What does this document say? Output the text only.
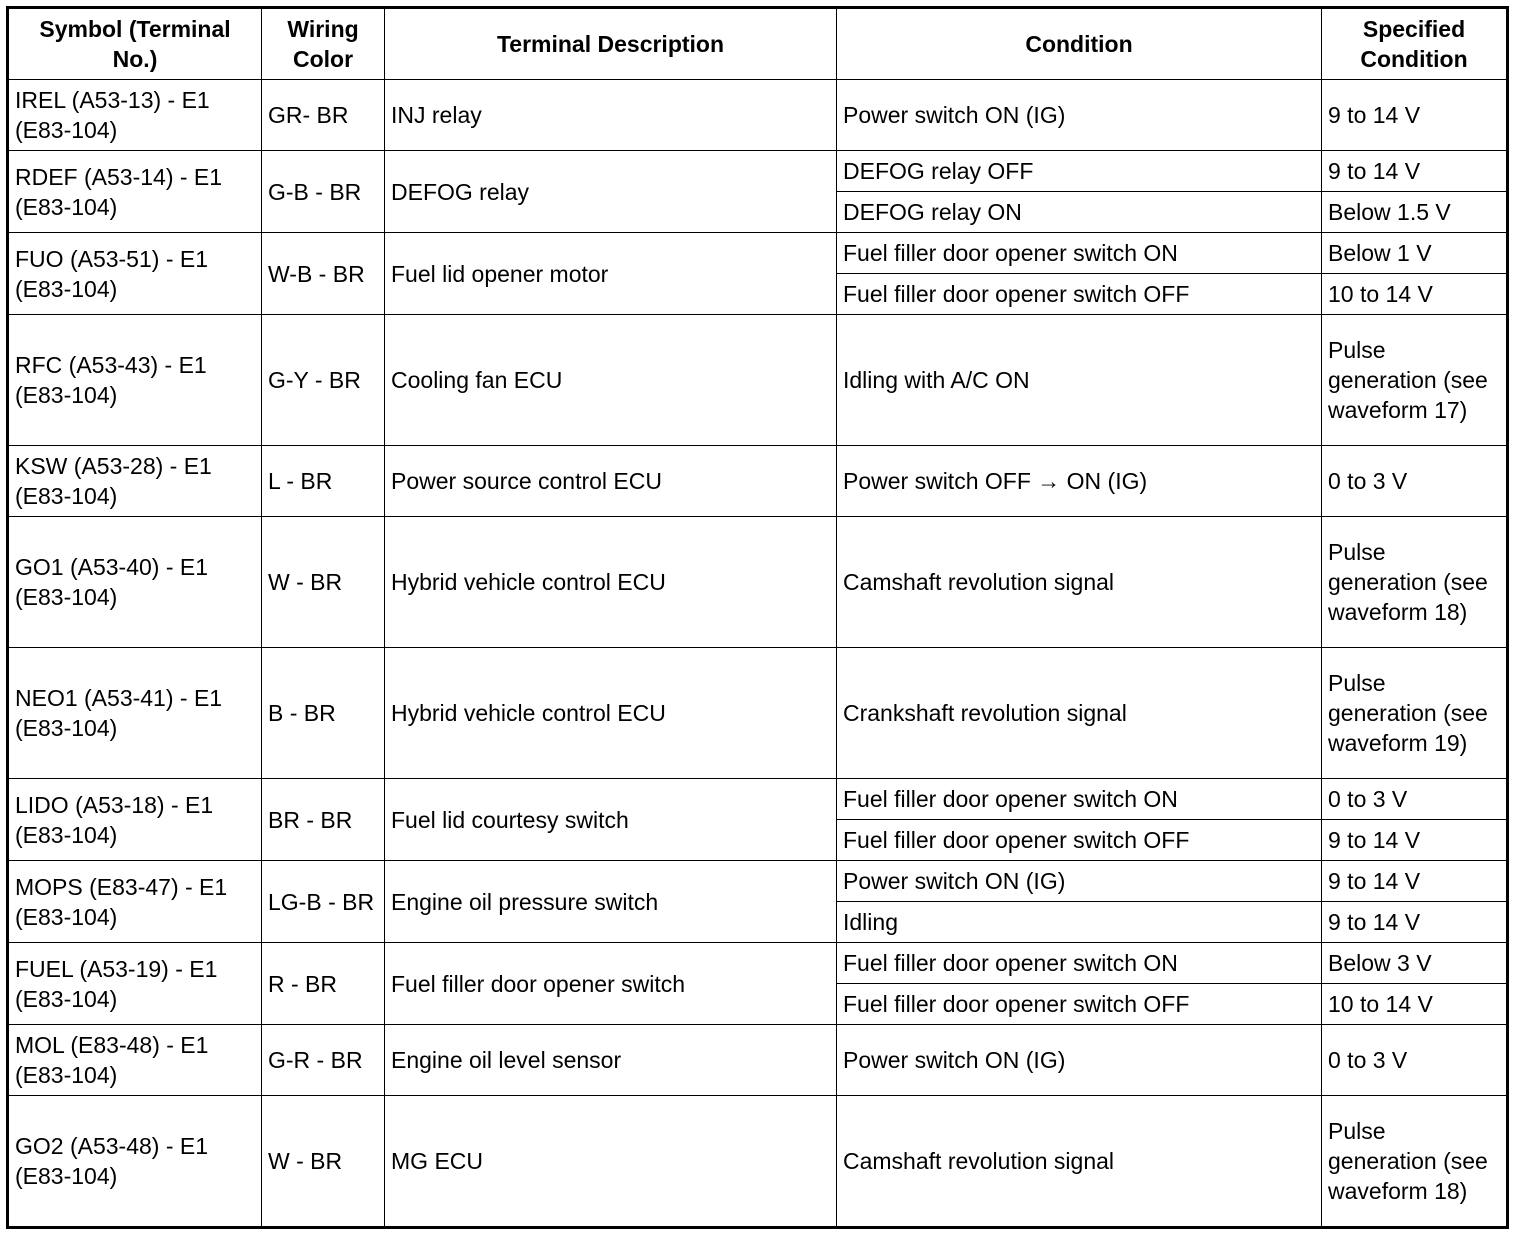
Symbol (Terminal No.)	Wiring Color	Terminal Description	Condition	Specified Condition
IREL (A53-13) - E1 (E83-104)	GR- BR	INJ relay	Power switch ON (IG)	9 to 14 V
RDEF (A53-14) - E1 (E83-104)	G-B - BR	DEFOG relay	DEFOG relay OFF	9 to 14 V
			DEFOG relay ON	Below 1.5 V
FUO (A53-51) - E1 (E83-104)	W-B - BR	Fuel lid opener motor	Fuel filler door opener switch ON	Below 1 V
			Fuel filler door opener switch OFF	10 to 14 V
RFC (A53-43) - E1 (E83-104)	G-Y - BR	Cooling fan ECU	Idling with A/C ON	Pulse generation (see waveform 17)
KSW (A53-28) - E1 (E83-104)	L - BR	Power source control ECU	Power switch OFF → ON (IG)	0 to 3 V
GO1 (A53-40) - E1 (E83-104)	W - BR	Hybrid vehicle control ECU	Camshaft revolution signal	Pulse generation (see waveform 18)
NEO1 (A53-41) - E1 (E83-104)	B - BR	Hybrid vehicle control ECU	Crankshaft revolution signal	Pulse generation (see waveform 19)
LIDO (A53-18) - E1 (E83-104)	BR - BR	Fuel lid courtesy switch	Fuel filler door opener switch ON	0 to 3 V
			Fuel filler door opener switch OFF	9 to 14 V
MOPS (E83-47) - E1 (E83-104)	LG-B - BR	Engine oil pressure switch	Power switch ON (IG)	9 to 14 V
			Idling	9 to 14 V
FUEL (A53-19) - E1 (E83-104)	R - BR	Fuel filler door opener switch	Fuel filler door opener switch ON	Below 3 V
			Fuel filler door opener switch OFF	10 to 14 V
MOL (E83-48) - E1 (E83-104)	G-R - BR	Engine oil level sensor	Power switch ON (IG)	0 to 3 V
GO2 (A53-48) - E1 (E83-104)	W - BR	MG ECU	Camshaft revolution signal	Pulse generation (see waveform 18)
